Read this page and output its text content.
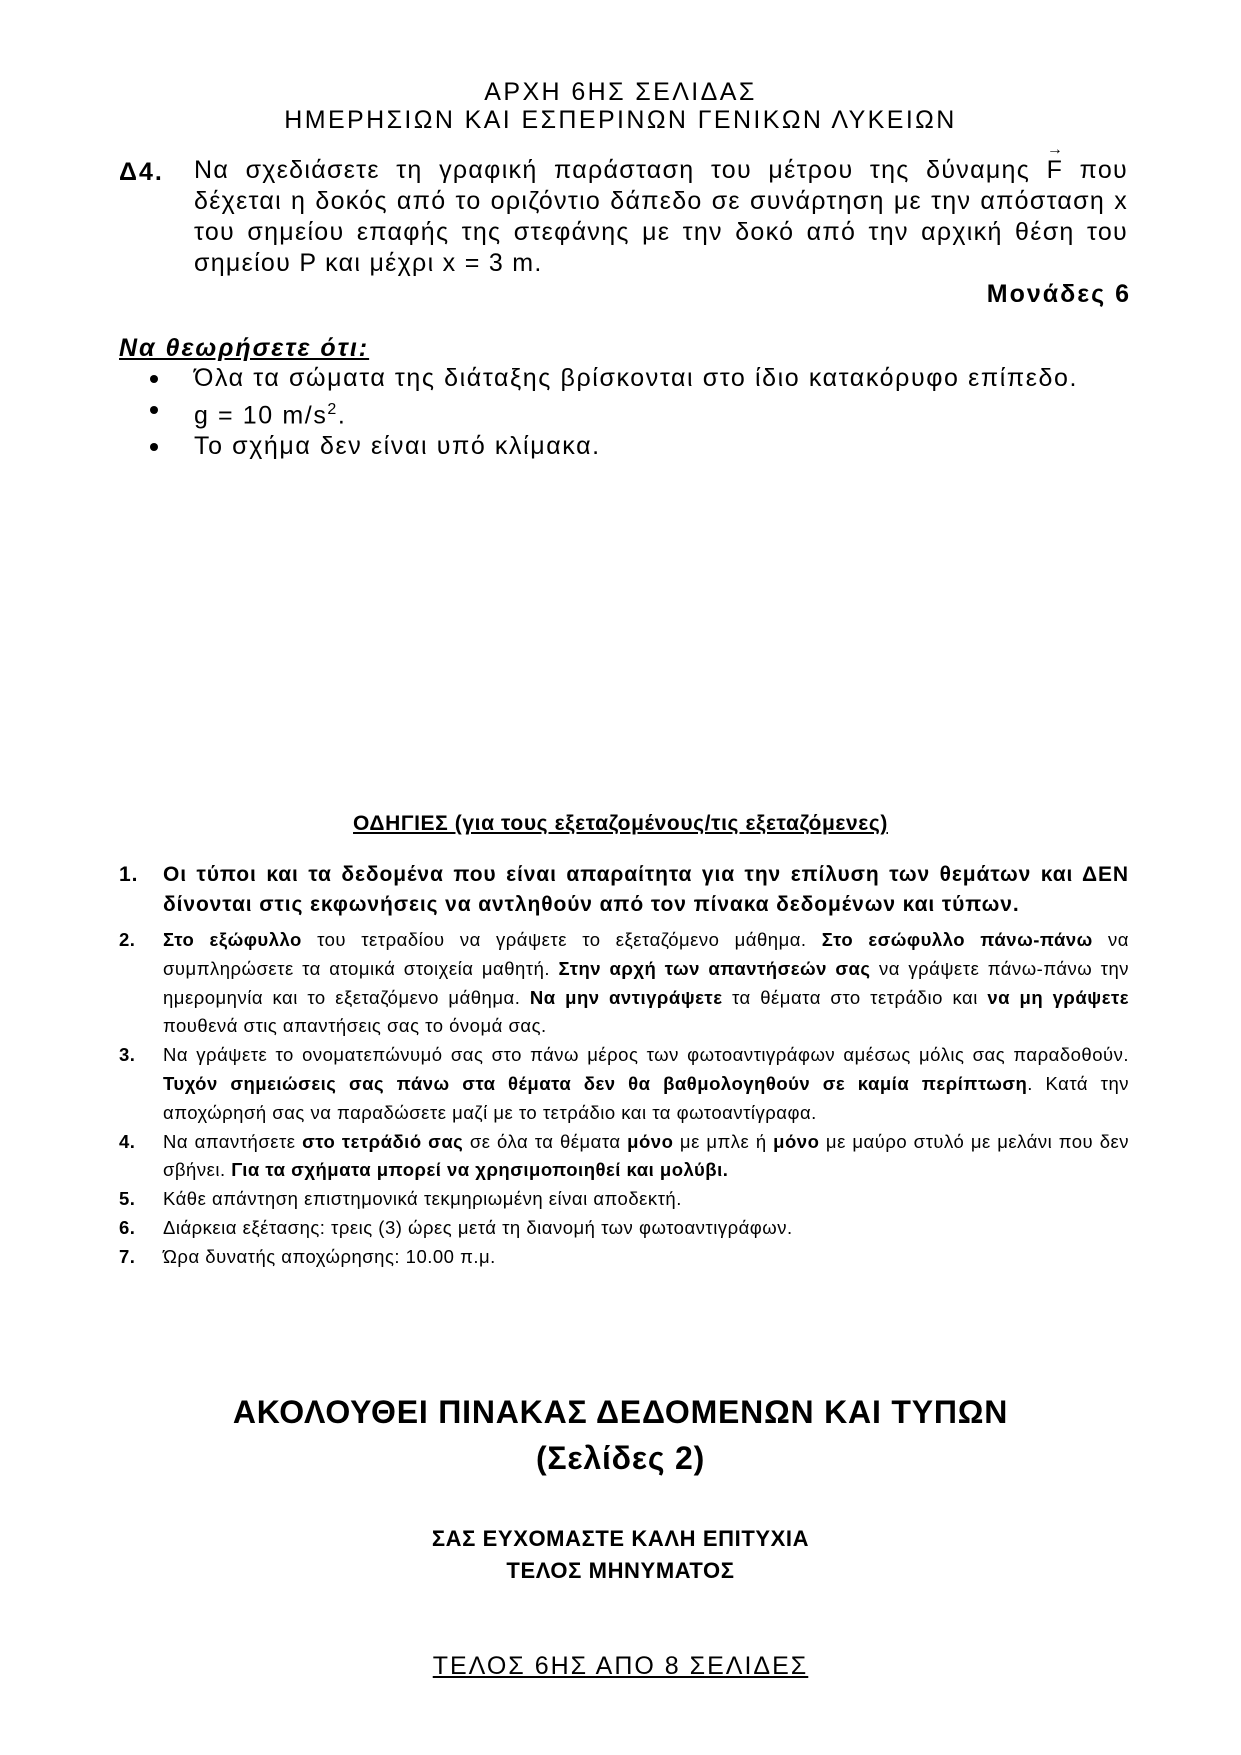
ΑΡΧΗ 6ΗΣ ΣΕΛΙΔΑΣ
ΗΜΕΡΗΣΙΩΝ ΚΑΙ ΕΣΠΕΡΙΝΩΝ ΓΕΝΙΚΩΝ ΛΥΚΕΙΩΝ
Δ4. Να σχεδιάσετε τη γραφική παράσταση του μέτρου της δύναμης
→
F που δέχεται η δοκός από το οριζόντιο δάπεδο σε συνάρτηση με την απόσταση x του σημείου επαφής της στεφάνης με την δοκό από την αρχική θέση του σημείου Ρ και μέχρι x = 3 m.
Μονάδες 6
Να θεωρήσετε ότι:
Όλα τα σώματα της διάταξης βρίσκονται στο ίδιο κατακόρυφο επίπεδο.
g = 10 $m/s^2$.
Το σχήμα δεν είναι υπό κλίμακα.
ΟΔΗΓΙΕΣ (για τους εξεταζομένους/τις εξεταζόμενες)
1. Οι τύποι και τα δεδομένα που είναι απαραίτητα για την επίλυση των θεμάτων και ΔΕΝ δίνονται στις εκφωνήσεις να αντληθούν από τον πίνακα δεδομένων και τύπων.
2. Στο εξώφυλλο του τετραδίου να γράψετε το εξεταζόμενο μάθημα. Στο εσώφυλλο πάνω-πάνω να συμπληρώσετε τα ατομικά στοιχεία μαθητή. Στην αρχή των απαντήσεών σας να γράψετε πάνω-πάνω την ημερομηνία και το εξεταζόμενο μάθημα. Να μην αντιγράψετε τα θέματα στο τετράδιο και να μη γράψετε πουθενά στις απαντήσεις σας το όνομά σας.
3. Να γράψετε το ονοματεπώνυμό σας στο πάνω μέρος των φωτοαντιγράφων αμέσως μόλις σας παραδοθούν. Τυχόν σημειώσεις σας πάνω στα θέματα δεν θα βαθμολογηθούν σε καμία περίπτωση. Κατά την αποχώρησή σας να παραδώσετε μαζί με το τετράδιο και τα φωτοαντίγραφα.
4. Να απαντήσετε στο τετράδιό σας σε όλα τα θέματα μόνο με μπλε ή μόνο με μαύρο στυλό με μελάνι που δεν σβήνει. Για τα σχήματα μπορεί να χρησιμοποιηθεί και μολύβι.
5. Κάθε απάντηση επιστημονικά τεκμηριωμένη είναι αποδεκτή.
6. Διάρκεια εξέτασης: τρεις (3) ώρες μετά τη διανομή των φωτοαντιγράφων.
7. Ώρα δυνατής αποχώρησης: 10.00 π.μ.
ΑΚΟΛΟΥΘΕΙ ΠΙΝΑΚΑΣ ΔΕΔΟΜΕΝΩΝ ΚΑΙ ΤΥΠΩΝ
(Σελίδες 2)
ΣΑΣ ΕΥΧΟΜΑΣΤΕ ΚΑΛΗ ΕΠΙΤΥΧΙΑ
ΤΕΛΟΣ ΜΗΝΥΜΑΤΟΣ
ΤΕΛΟΣ 6ΗΣ ΑΠΟ 8 ΣΕΛΙΔΕΣ
